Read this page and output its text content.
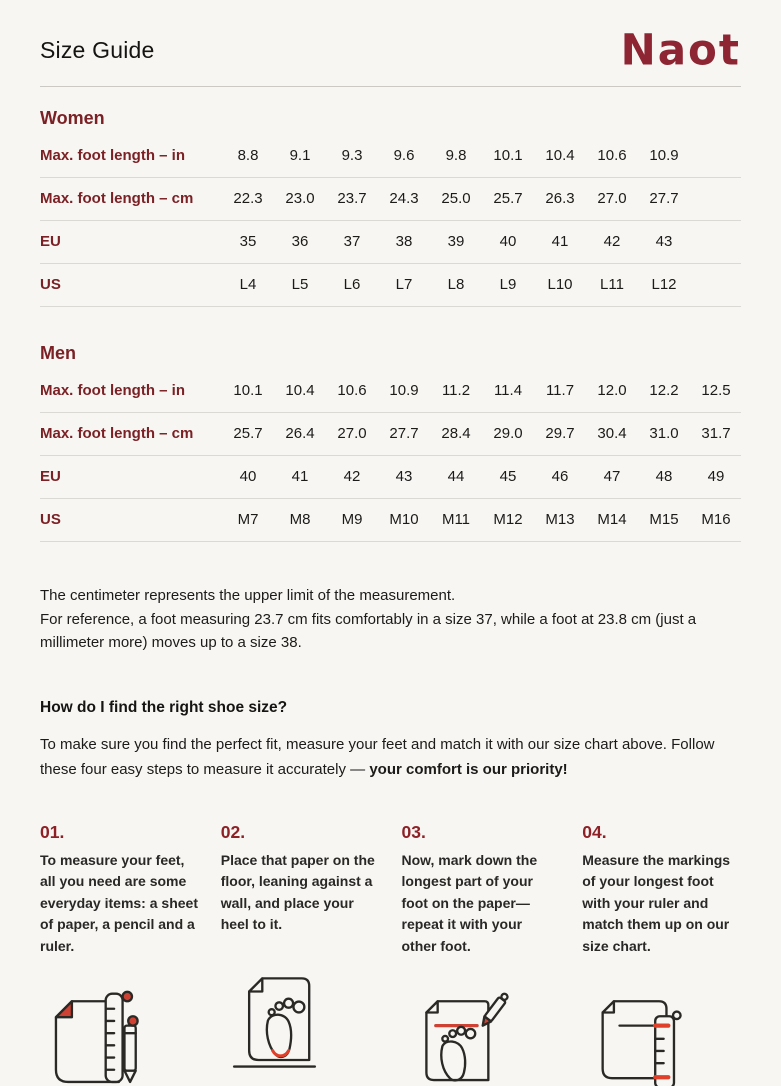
Size Guide	Naot
Women
Max. foot length – in	8.8	9.1	9.3	9.6	9.8	10.1	10.4	10.6	10.9
Max. foot length – cm	22.3	23.0	23.7	24.3	25.0	25.7	26.3	27.0	27.7
EU	35	36	37	38	39	40	41	42	43
US	L4	L5	L6	L7	L8	L9	L10	L11	L12
Men
Max. foot length – in	10.1	10.4	10.6	10.9	11.2	11.4	11.7	12.0	12.2	12.5
Max. foot length – cm	25.7	26.4	27.0	27.7	28.4	29.0	29.7	30.4	31.0	31.7
EU	40	41	42	43	44	45	46	47	48	49
US	M7	M8	M9	M10	M11	M12	M13	M14	M15	M16

The centimeter represents the upper limit of the measurement.

For reference, a foot measuring 23.7 cm fits comfortably in a size 37, while a foot at 23.8 cm (just a millimeter more) moves up to a size 38.

How do I find the right shoe size?
To make sure you find the perfect fit, measure your feet and match it with our size chart above. Follow these four easy steps to measure it accurately — your comfort is our priority!
01.
To measure your feet, all you need are some everyday items: a sheet of paper, a pencil and a ruler.
02.
Place that paper on the floor, leaning against a wall, and place your heel to it.
03.
Now, mark down the longest part of your foot on the paper—repeat it with your other foot.
04.
Measure the markings of your longest foot with your ruler and match them up on our size chart.
